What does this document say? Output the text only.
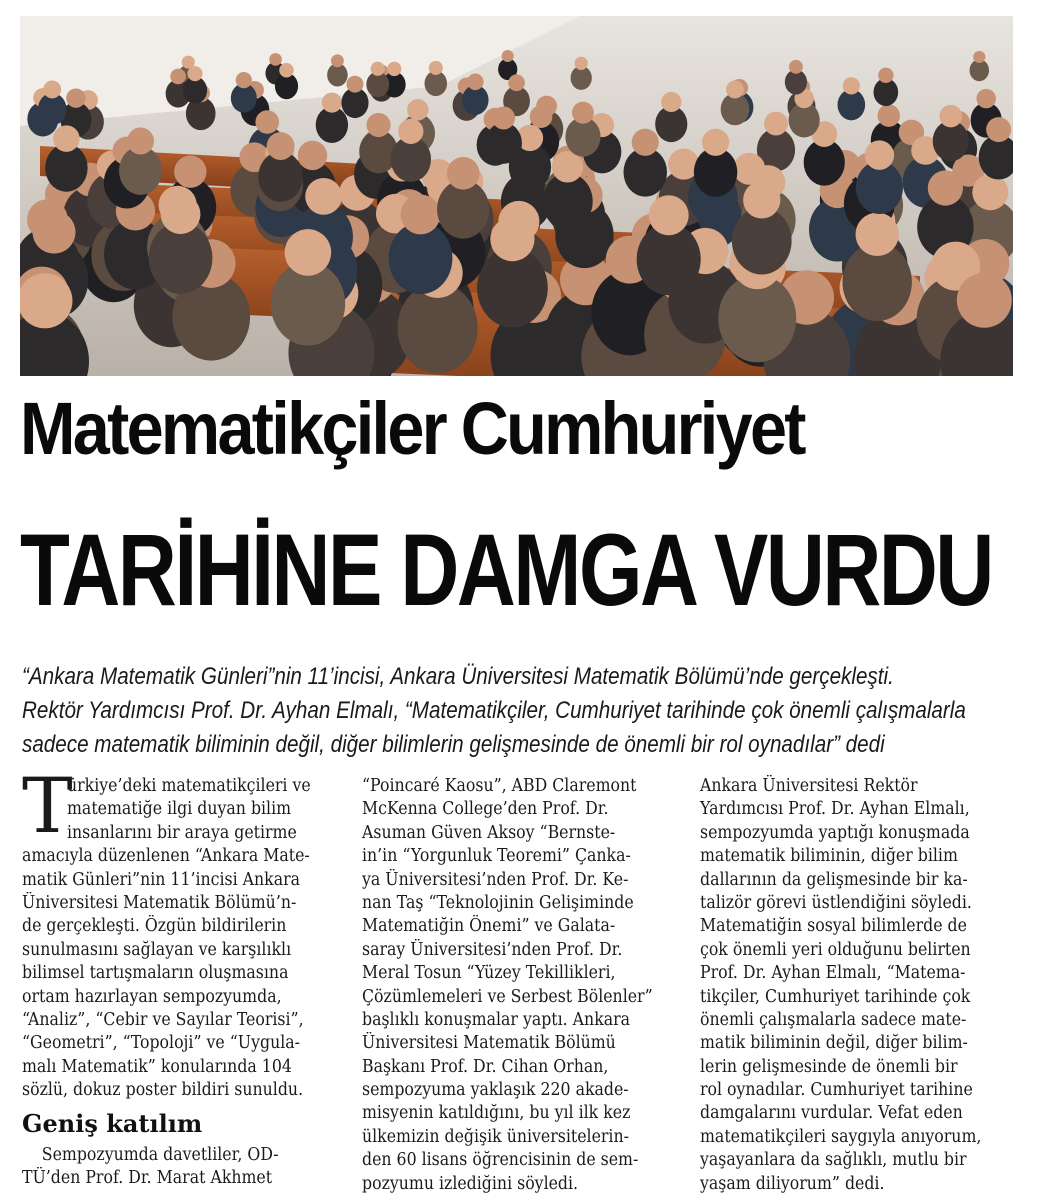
Matematikçiler Cumhuriyet
TARİHİNE DAMGA VURDU

“Ankara Matematik Günleri”nin 11’incisi, Ankara Üniversitesi Matematik Bölümü’nde gerçekleşti.

Rektör Yardımcısı Prof. Dr. Ayhan Elmalı, “Matematikçiler, Cumhuriyet tarihinde çok önemli çalışmalarla

sadece matematik biliminin değil, diğer bilimlerin gelişmesinde de önemli bir rol oynadılar” dedi

T
ürkiye’deki matematikçileri ve
matematiğe ilgi duyan bilim
insanlarını bir araya getirme
amacıyla düzenlenen “Ankara Mate-
matik Günleri”nin 11’incisi Ankara
Üniversitesi Matematik Bölümü’n-
de gerçekleşti. Özgün bildirilerin
sunulmasını sağlayan ve karşılıklı
bilimsel tartışmaların oluşmasına
ortam hazırlayan sempozyumda,
“Analiz”, “Cebir ve Sayılar Teorisi”,
“Geometri”, “Topoloji” ve “Uygula-
malı Matematik” konularında 104
sözlü, dokuz poster bildiri sunuldu.
Geniş katılım
Sempozyumda davetliler, OD-
TÜ’den Prof. Dr. Marat Akhmet
“Poincaré Kaosu”, ABD Claremont
McKenna College’den Prof. Dr.
Asuman Güven Aksoy “Bernste-
in’in “Yorgunluk Teoremi” Çanka-
ya Üniversitesi’nden Prof. Dr. Ke-
nan Taş “Teknolojinin Gelişiminde
Matematiğin Önemi” ve Galata-
saray Üniversitesi’nden Prof. Dr.
Meral Tosun “Yüzey Tekillikleri,
Çözümlemeleri ve Serbest Bölenler”
başlıklı konuşmalar yaptı. Ankara
Üniversitesi Matematik Bölümü
Başkanı Prof. Dr. Cihan Orhan,
sempozyuma yaklaşık 220 akade-
misyenin katıldığını, bu yıl ilk kez
ülkemizin değişik üniversitelerin-
den 60 lisans öğrencisinin de sem-
pozyumu izlediğini söyledi.
Ankara Üniversitesi Rektör
Yardımcısı Prof. Dr. Ayhan Elmalı,
sempozyumda yaptığı konuşmada
matematik biliminin, diğer bilim
dallarının da gelişmesinde bir ka-
talizör görevi üstlendiğini söyledi.
Matematiğin sosyal bilimlerde de
çok önemli yeri olduğunu belirten
Prof. Dr. Ayhan Elmalı, “Matema-
tikçiler, Cumhuriyet tarihinde çok
önemli çalışmalarla sadece mate-
matik biliminin değil, diğer bilim-
lerin gelişmesinde de önemli bir
rol oynadılar. Cumhuriyet tarihine
damgalarını vurdular. Vefat eden
matematikçileri saygıyla anıyorum,
yaşayanlara da sağlıklı, mutlu bir
yaşam diliyorum” dedi.
